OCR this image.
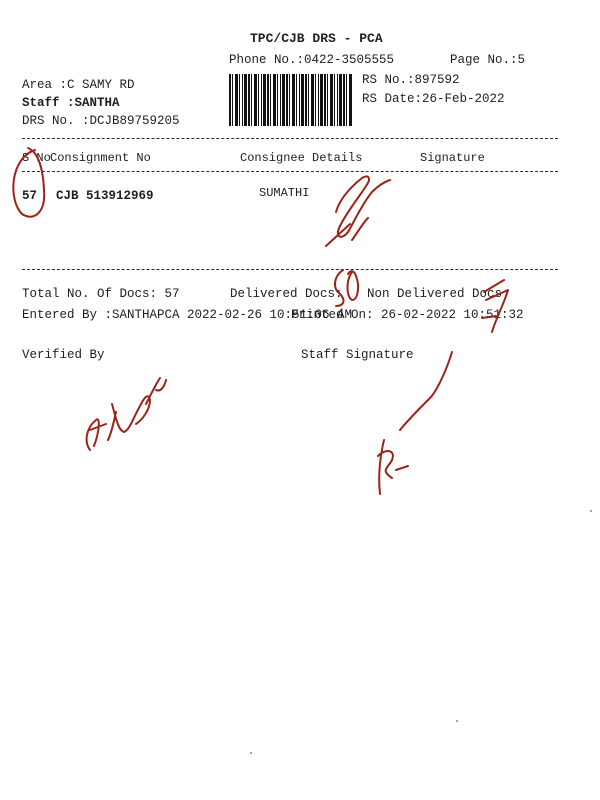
TPC/CJB DRS - PCA
Phone No.:0422-3505555	Page No.:5
Area :C SAMY RD
Staff :SANTHA
DRS No. :DCJB89759205
RS No.:897592
RS Date:26-Feb-2022
S No Consignment No	Consignee Details	Signature
57 CJB 513912969	SUMATHI
Total No. Of Docs: 57	Delivered Docs: Non Delivered Docs:
Entered By :SANTHAPCA 2022-02-26 10:51:06 AM
Printed On: 26-02-2022 10:51:32
Verified By	Staff Signature
